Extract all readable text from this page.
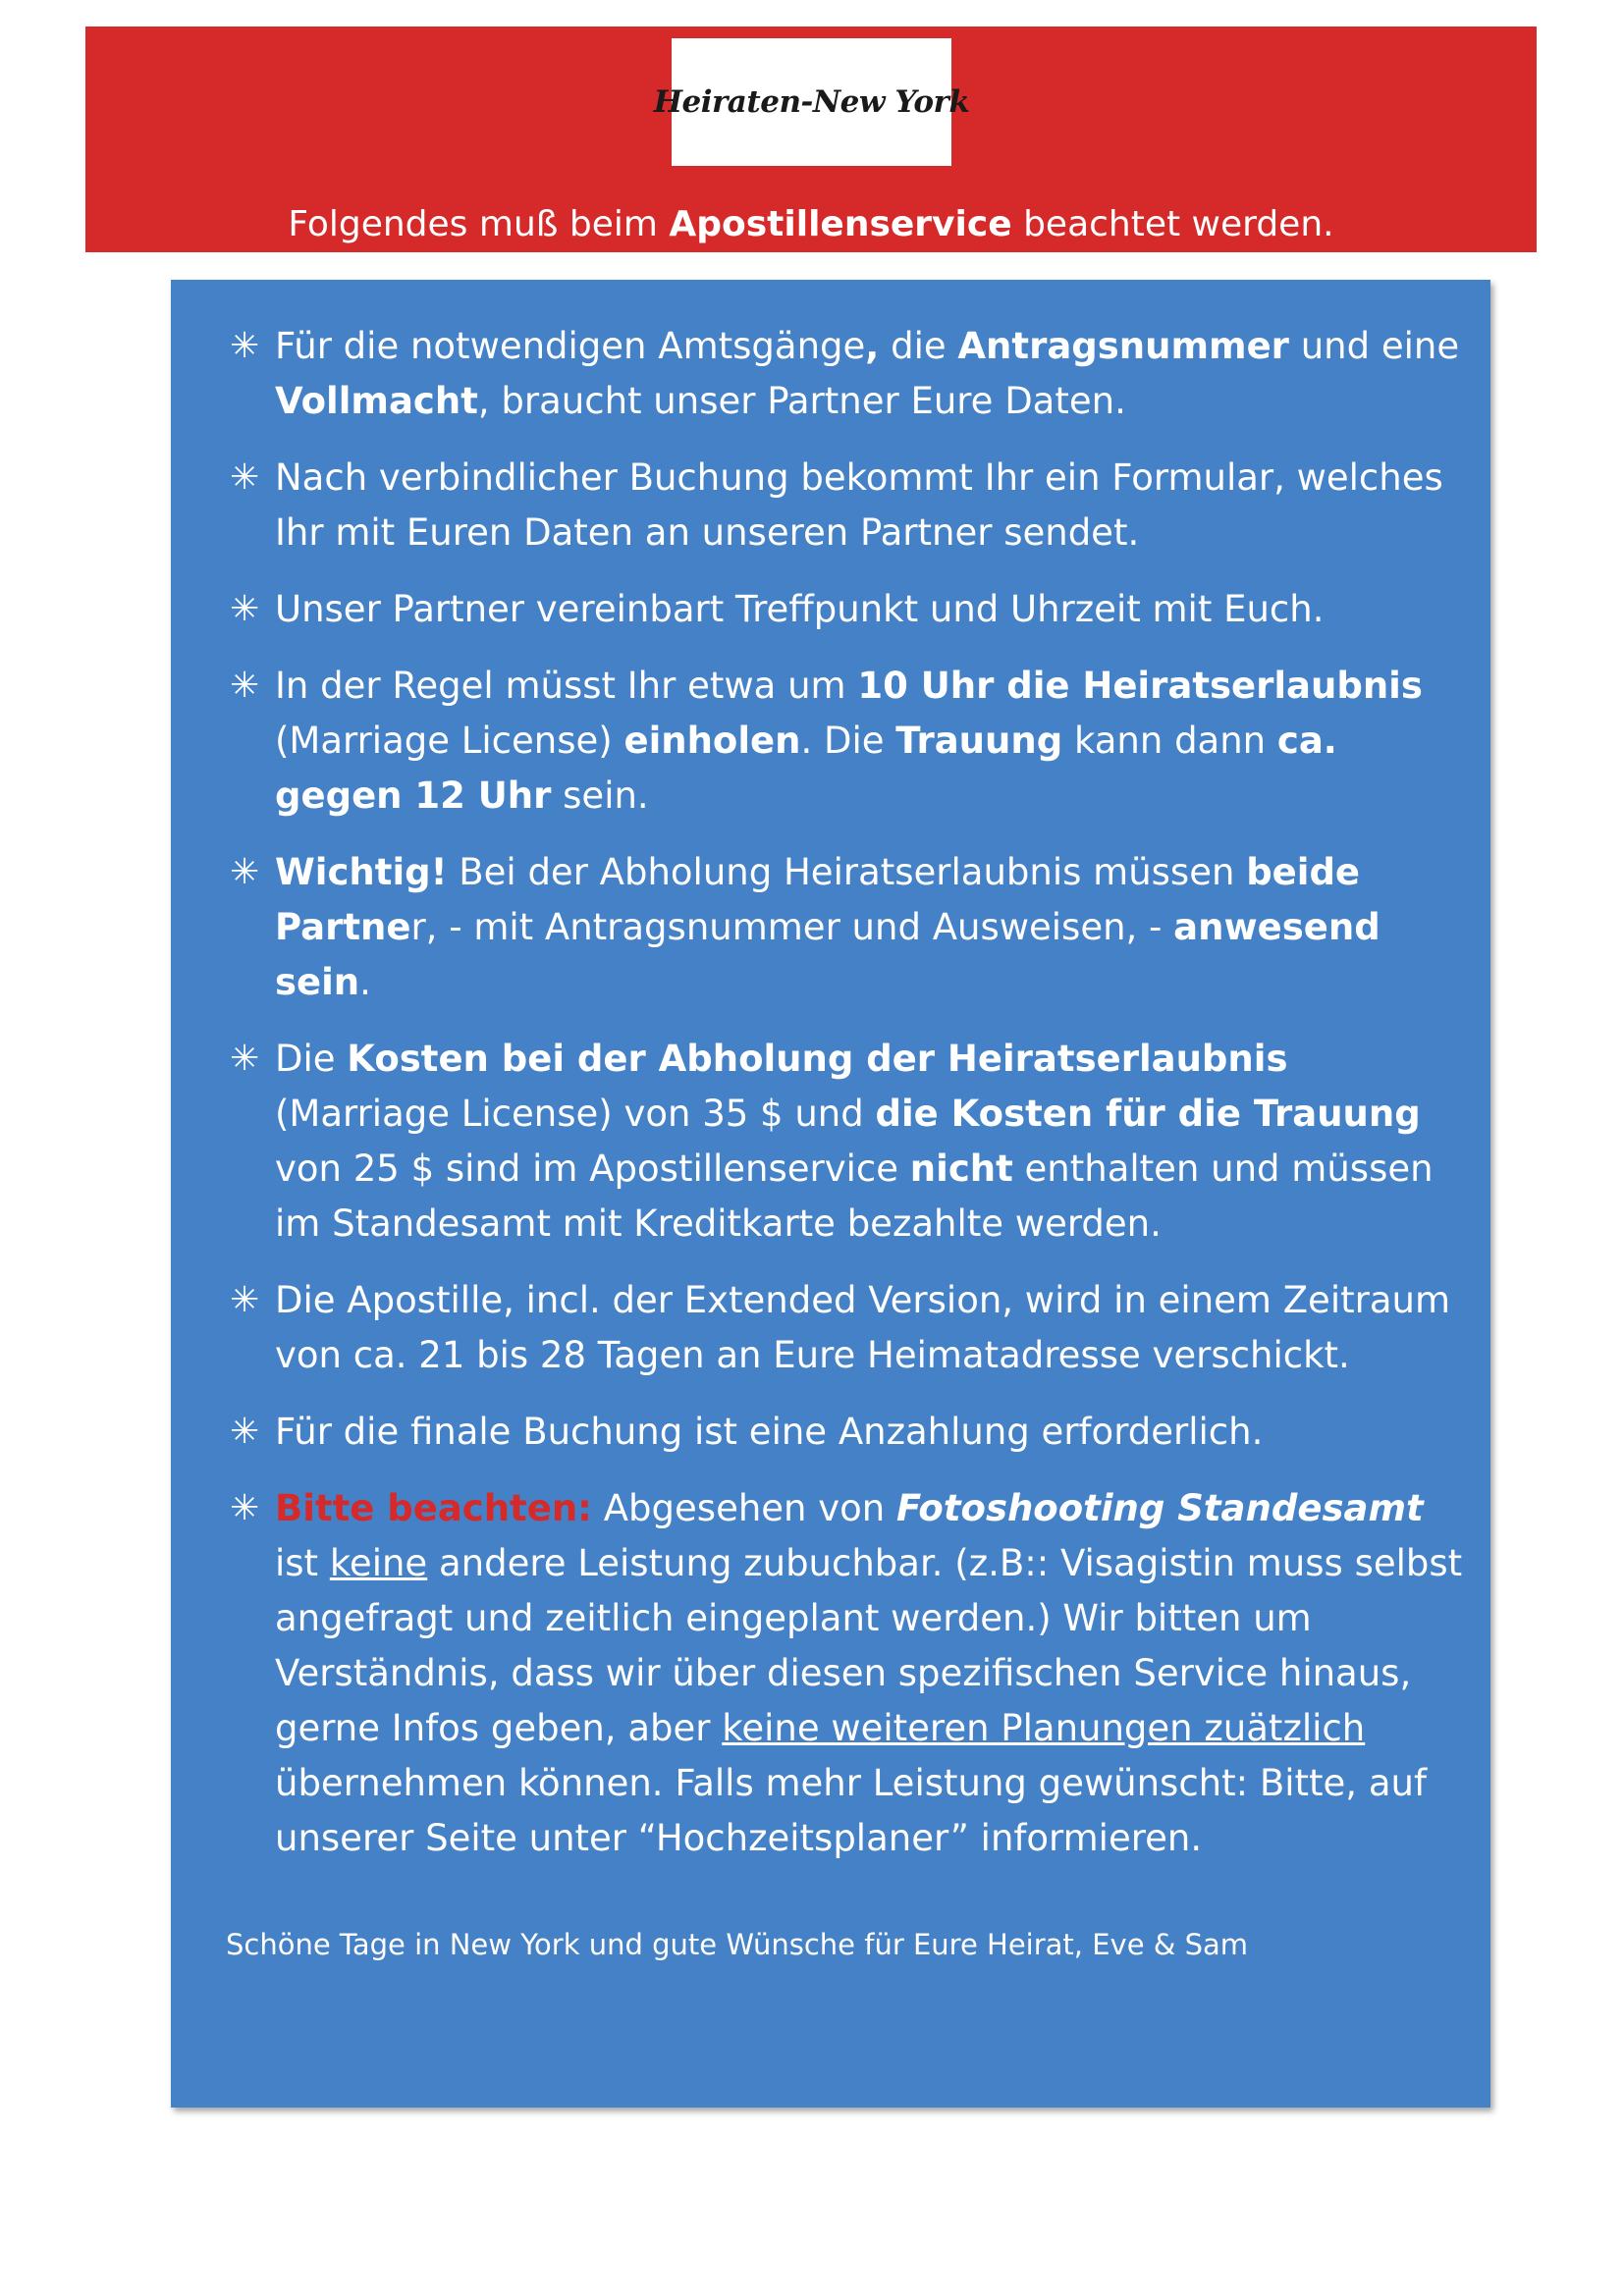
Heiraten-New York
Folgendes muß beim Apostillenservice beachtet werden.
✳ Für die notwendigen Amtsgänge, die Antragsnummer und eine Vollmacht, braucht unser Partner Eure Daten.
✳ Nach verbindlicher Buchung bekommt Ihr ein Formular, welches Ihr mit Euren Daten an unseren Partner sendet.
✳ Unser Partner vereinbart Treffpunkt und Uhrzeit mit Euch.
✳ In der Regel müsst Ihr etwa um 10 Uhr die Heiratserlaubnis (Marriage License) einholen. Die Trauung kann dann ca. gegen 12 Uhr sein.
✳ Wichtig! Bei der Abholung Heiratserlaubnis müssen beide Partner, - mit Antragsnummer und Ausweisen, - anwesend sein.
✳ Die Kosten bei der Abholung der Heiratserlaubnis (Marriage License) von 35 $ und die Kosten für die Trauung von 25 $ sind im Apostillenservice nicht enthalten und müssen im Standesamt mit Kreditkarte bezahlte werden.
✳ Die Apostille, incl. der Extended Version, wird in einem Zeitraum von ca. 21 bis 28 Tagen an Eure Heimatadresse verschickt.
✳ Für die finale Buchung ist eine Anzahlung erforderlich.
✳ Bitte beachten: Abgesehen von Fotoshooting Standesamt ist keine andere Leistung zubuchbar. (z.B:: Visagistin muss selbst angefragt und zeitlich eingeplant werden.) Wir bitten um Verständnis, dass wir über diesen spezifischen Service hinaus, gerne Infos geben, aber keine weiteren Planungen zuätzlich übernehmen können. Falls mehr Leistung gewünscht: Bitte, auf unserer Seite unter “Hochzeitsplaner” informieren.
Schöne Tage in New York und gute Wünsche für Eure Heirat, Eve & Sam
